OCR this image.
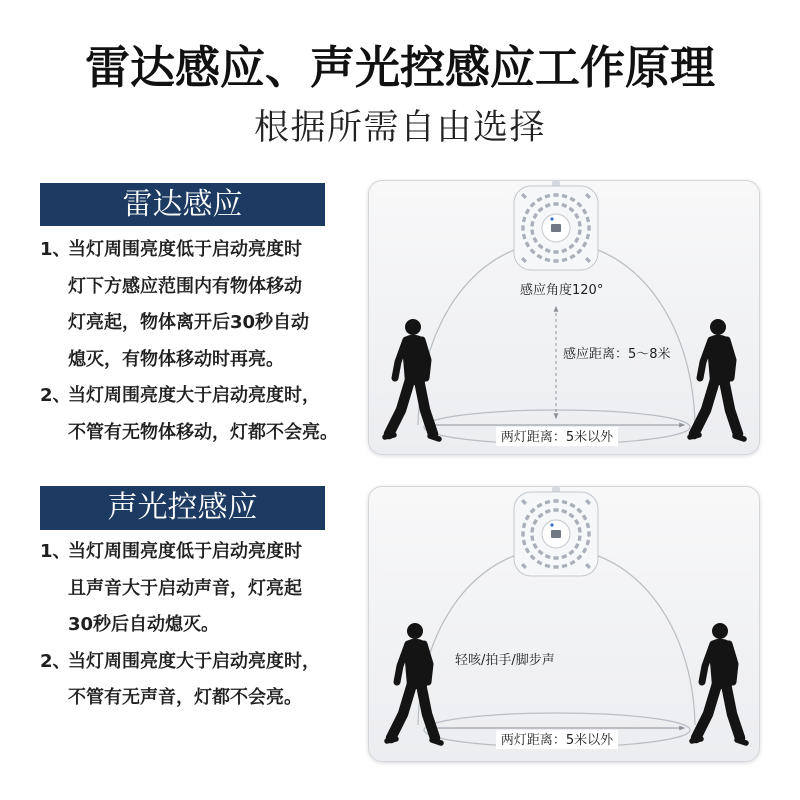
雷达感应、声光控感应工作原理
根据所需自由选择
雷达感应
1、
当灯周围亮度低于启动亮度时
灯下方感应范围内有物体移动
灯亮起，物体离开后30秒自动
熄灭，有物体移动时再亮。
2、
当灯周围亮度大于启动亮度时，
不管有无物体移动，灯都不会亮。	两灯距离：5米以外
感应角度120°
感应距离：5～8米
声光控感应
1、
当灯周围亮度低于启动亮度时
且声音大于启动声音，灯亮起
30秒后自动熄灭。
2、
当灯周围亮度大于启动亮度时，
不管有无声音，灯都不会亮。
两灯距离：5米以外
轻咳/拍手/脚步声
